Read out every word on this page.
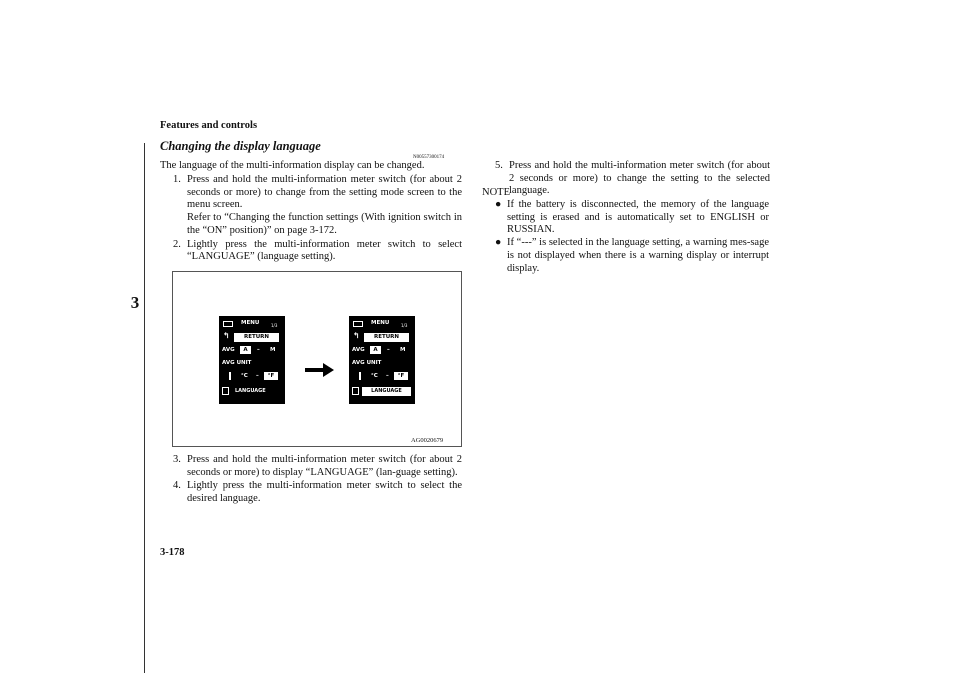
Features and controls
3
Changing the display language
N00557300174

The language of the multi-information display can be changed.

1. Press and hold the multi-information meter switch (for about 2 seconds or more) to change from the setting mode screen to the menu screen.
Refer to “Changing the function settings (With ignition switch in the “ON” position)” on page 3-172.
2. Lightly press the multi-information meter switch to select “LANGUAGE” (language setting).
MENU	1/3
↰	RETURN
AVG	A	– M
AVG UNIT
°C –	°F
LANGUAGE
MENU	1/3
↰	RETURN
AVG	A	– M
AVG UNIT
°C –	°F
LANGUAGE
AG0020679
3. Press and hold the multi-information meter switch (for about 2 seconds or more) to display “LANGUAGE” (lan-guage setting).
4. Lightly press the multi-information meter switch to select the desired language.
5. Press and hold the multi-information meter switch (for about 2 seconds or more) to change the setting to the selected language.
NOTE
● If the battery is disconnected, the memory of the language setting is erased and is automatically set to ENGLISH or RUSSIAN.
● If “---” is selected in the language setting, a warning mes-sage is not displayed when there is a warning display or interrupt display.
3-178
